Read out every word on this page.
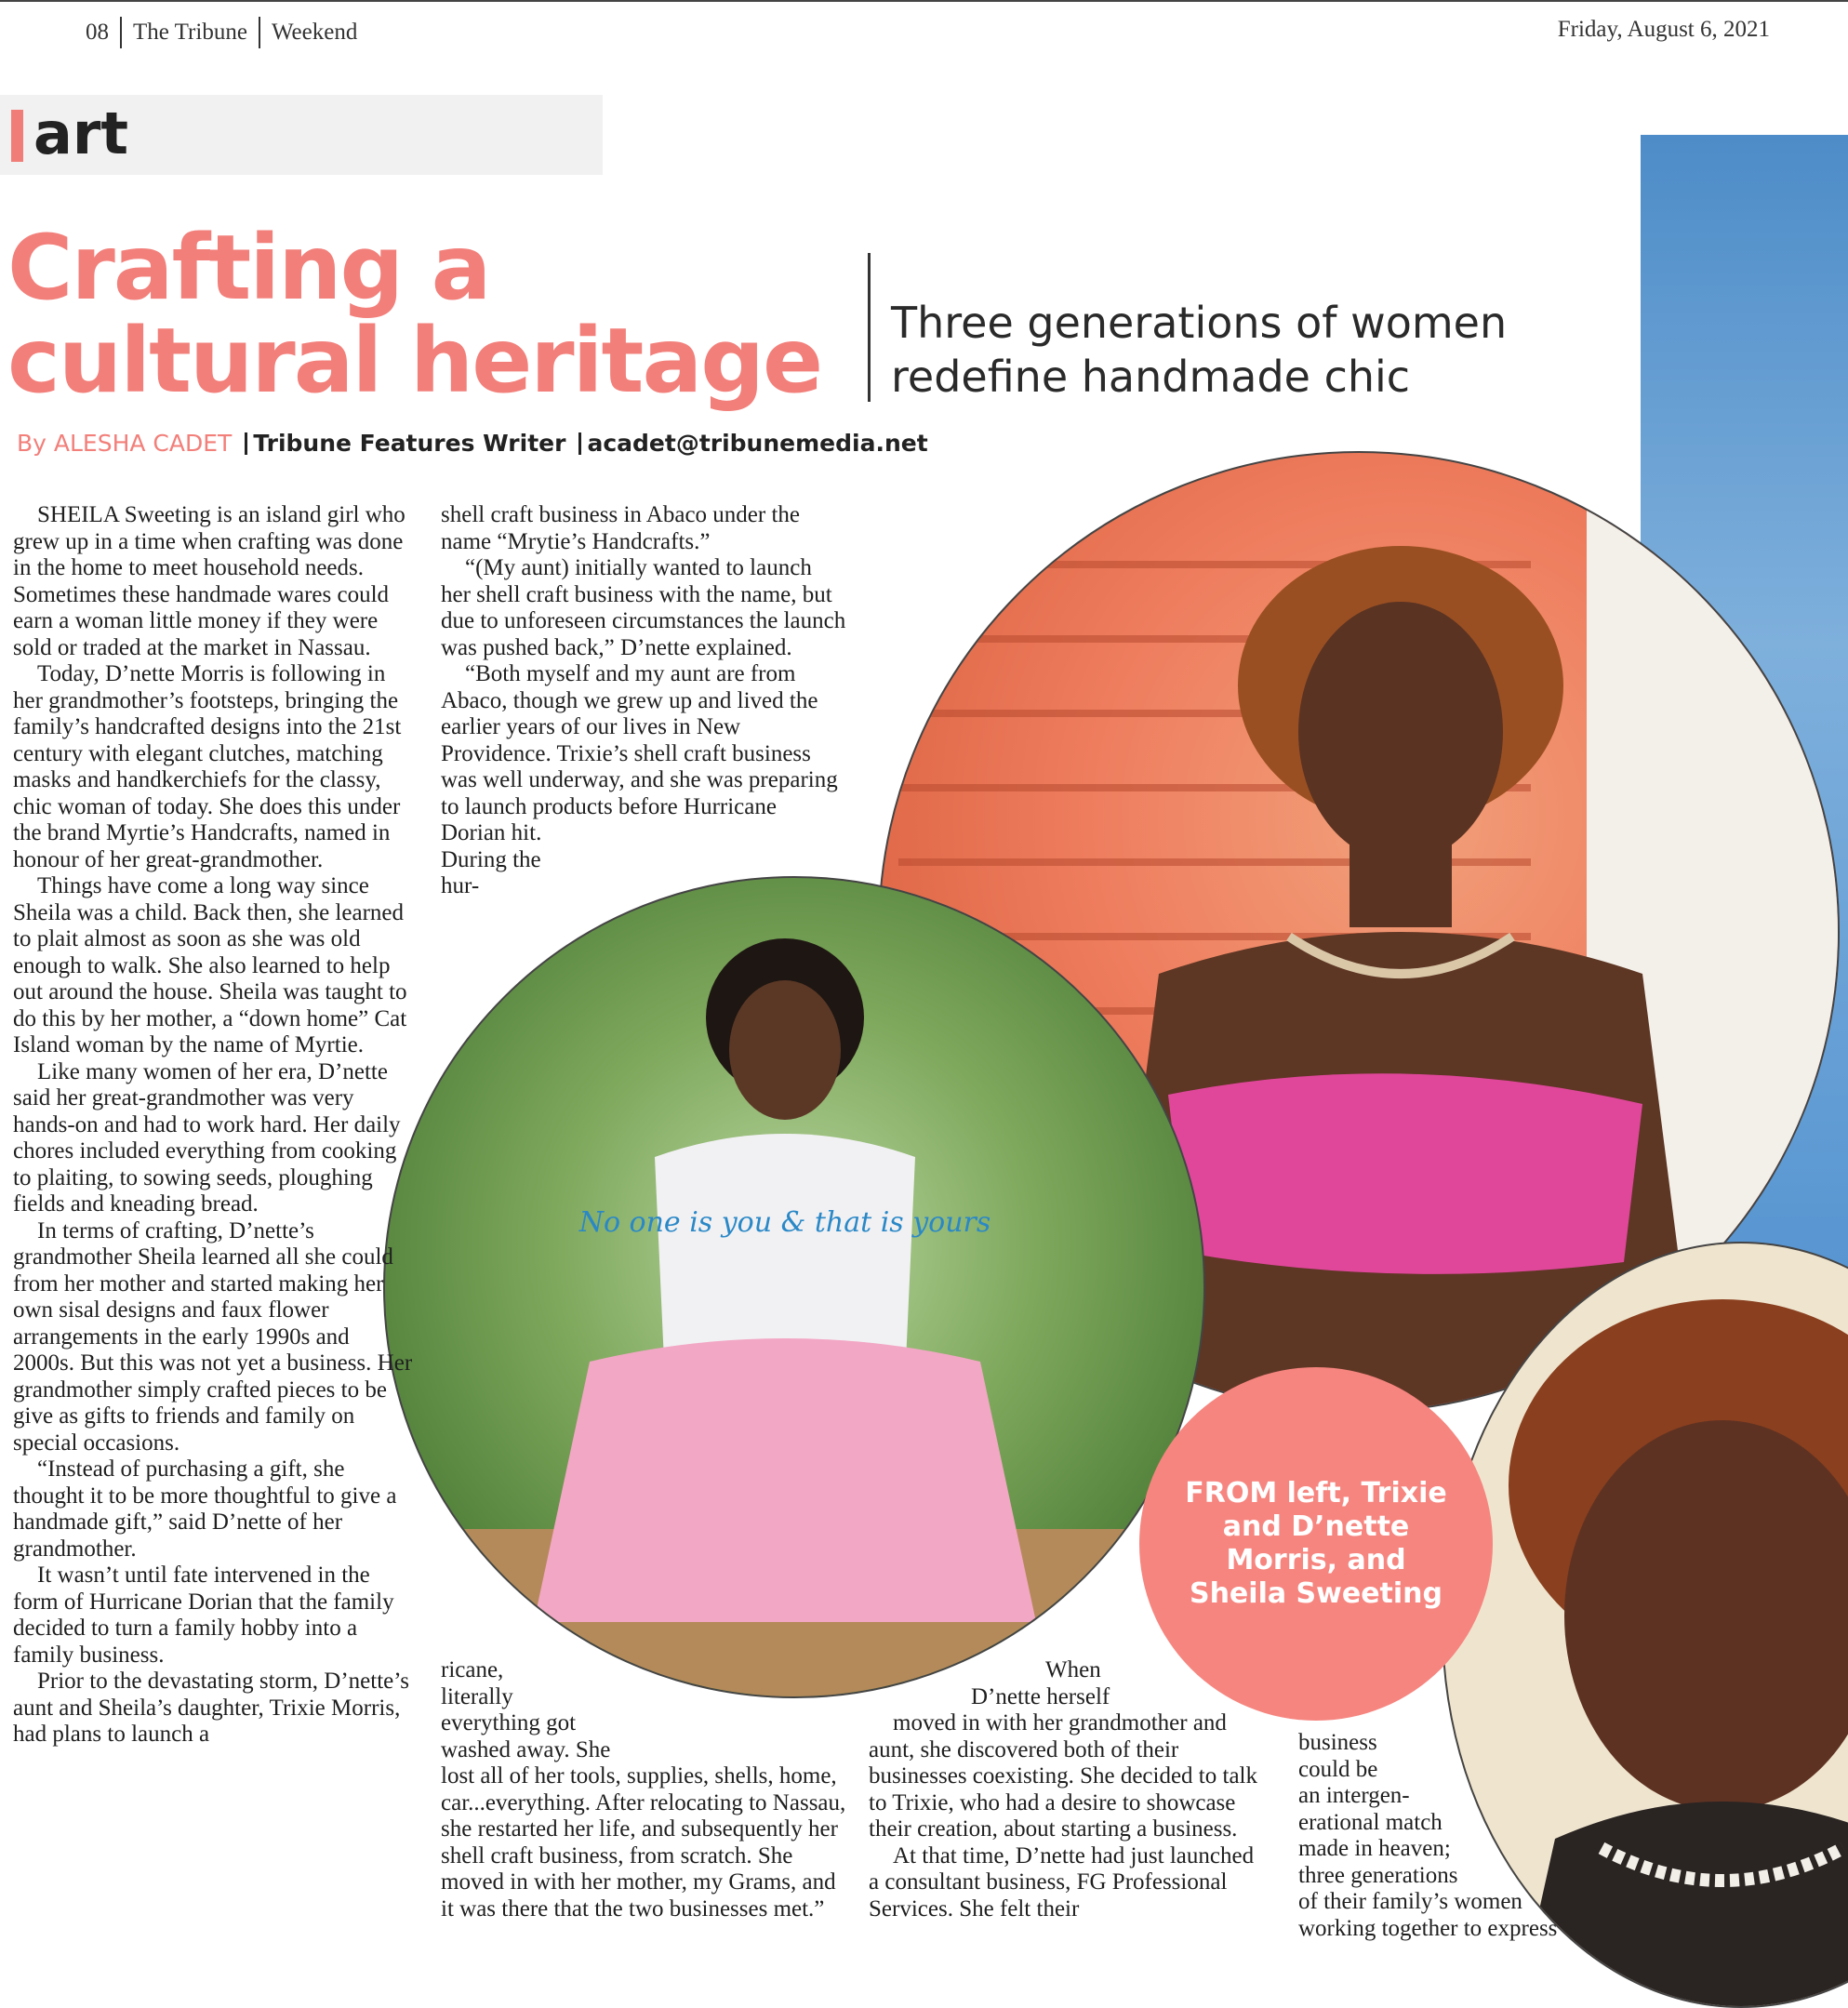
08 The Tribune Weekend	Friday, August 6, 2021
art
Crafting a
cultural heritage	Three generations of women
redefine handmade chic
By ALESHA CADET Tribune Features Writer acadet@tribunemedia.net
No one is you & that is yours
FROM left, Trixie and D’nette Morris, and Sheila Sweeting

SHEILA Sweeting is an island girl who grew up in a time when crafting was done in the home to meet household needs. Sometimes these handmade wares could earn a woman little money if they were sold or traded at the market in Nassau.

Today, D’nette Morris is following in her grandmother’s footsteps, bringing the family’s handcrafted designs into the 21st century with elegant clutches, matching masks and handkerchiefs for the classy, chic woman of today. She does this under the brand Myrtie’s Handcrafts, named in honour of her great-grandmother.

Things have come a long way since Sheila was a child. Back then, she learned to plait almost as soon as she was old enough to walk. She also learned to help out around the house. Sheila was taught to do this by her mother, a “down home” Cat Island woman by the name of Myrtie.

Like many women of her era, D’nette said her great-grandmother was very hands-on and had to work hard. Her daily chores included everything from cooking to plaiting, to sowing seeds, ploughing fields and kneading bread.

In terms of crafting, D’nette’s grandmother Sheila learned all she could from her mother and started making her own sisal designs and faux flower arrangements in the early 1990s and 2000s. But this was not yet a business. Her grandmother simply crafted pieces to be give as gifts to friends and family on special occasions.

“Instead of purchasing a gift, she thought it to be more thoughtful to give a handmade gift,” said D’nette of her grandmother.

It wasn’t until fate intervened in the form of Hurricane Dorian that the family decided to turn a family hobby into a family business.

Prior to the devastating storm, D’nette’s aunt and Sheila’s daughter, Trixie Morris, had plans to launch a

shell craft business in Abaco under the name “Mrytie’s Handcrafts.”

“(My aunt) initially wanted to launch her shell craft business with the name, but due to unforeseen circumstances the launch was pushed back,” D’nette explained.

“Both myself and my aunt are from Abaco, though we grew up and lived the earlier years of our lives in New Providence. Trixie’s shell craft business was well underway, and she was preparing to launch products before Hurricane

Dorian hit.

During the

hur-

ricane,

literally

everything got

washed away. She

lost all of her tools, supplies, shells, home, car...everything. After relocating to Nassau, she restarted her life, and subsequently her shell craft business, from scratch. She moved in with her mother, my Grams, and it was there that the two businesses met.”

When

D’nette herself

moved in with her grandmother and aunt, she discovered both of their businesses coexisting. She decided to talk to Trixie, who had a desire to showcase their creation, about starting a business.

At that time, D’nette had just launched a consultant business, FG Professional Services. She felt their

business

could be

an intergen-

erational match

made in heaven;

three generations

of their family’s women

working together to express
